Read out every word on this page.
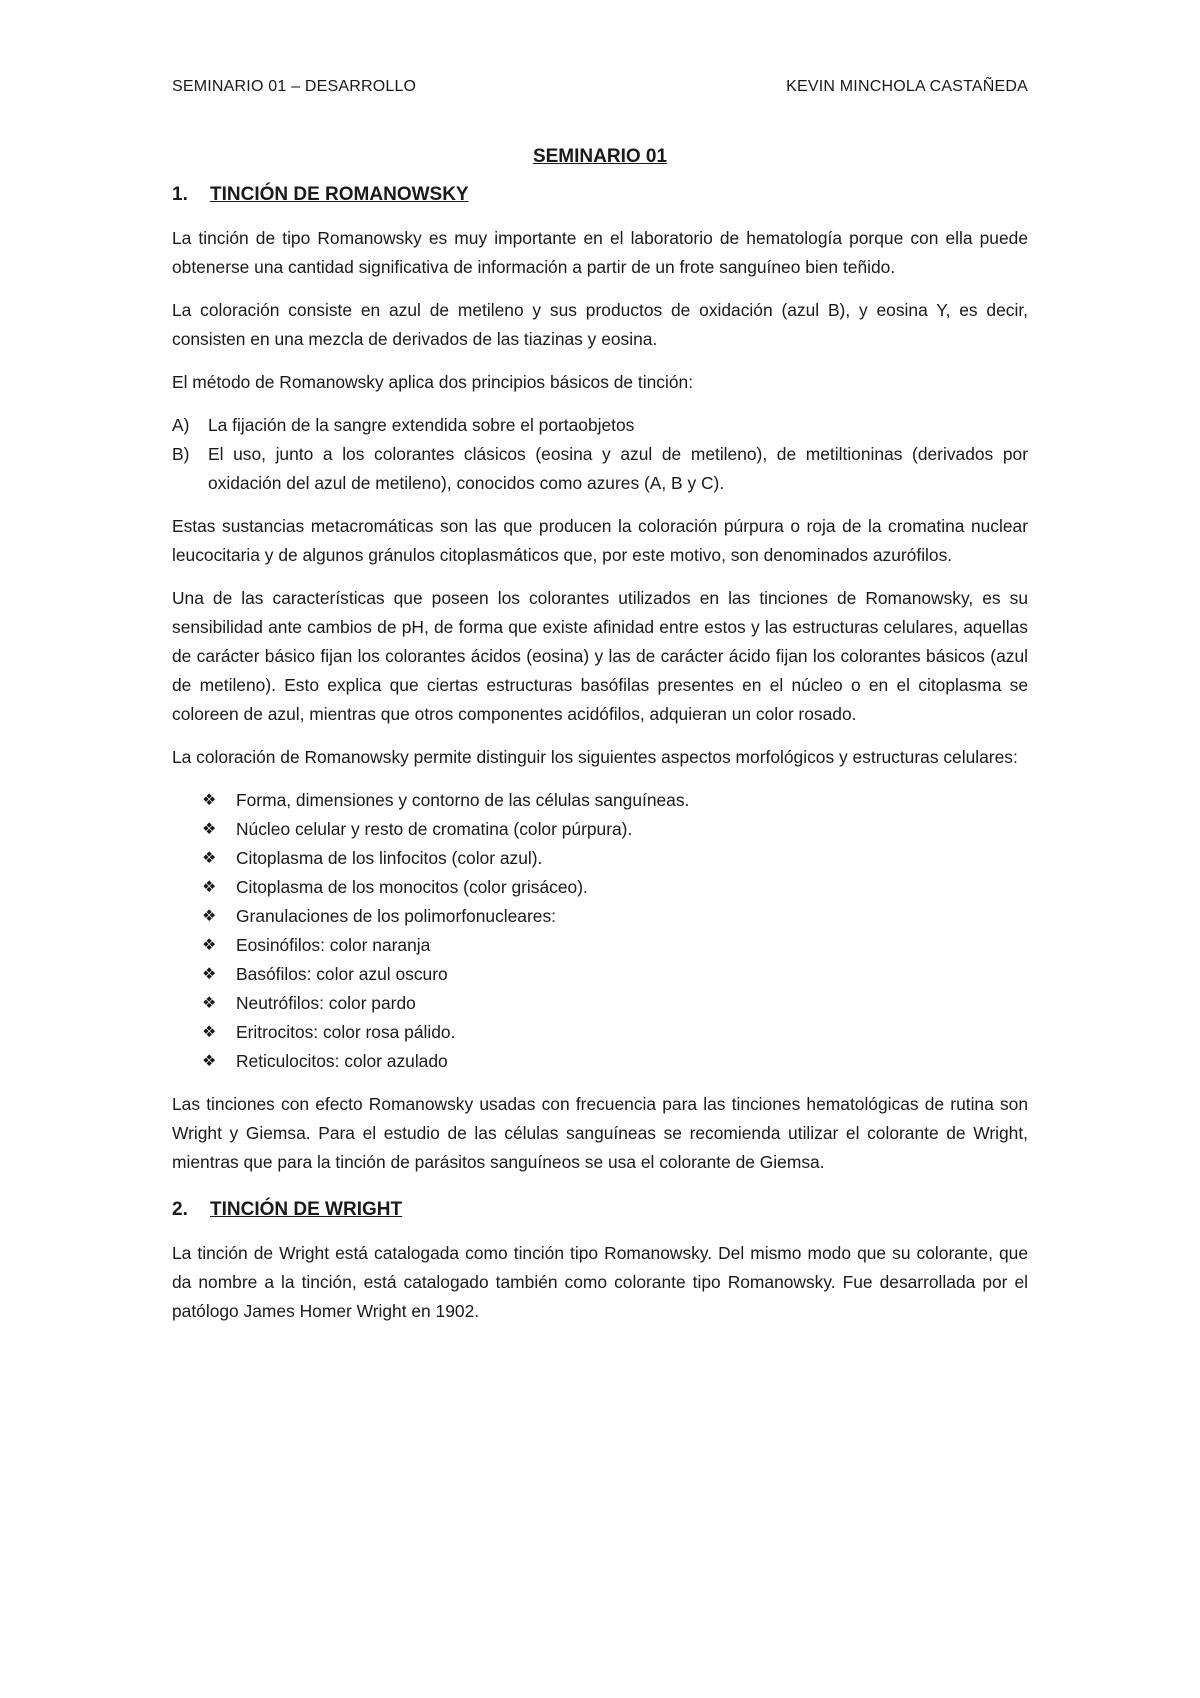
SEMINARIO 01 – DESARROLLO	KEVIN MINCHOLA CASTAÑEDA
SEMINARIO 01
1.	TINCIÓN DE ROMANOWSKY

La tinción de tipo Romanowsky es muy importante en el laboratorio de hematología porque con ella puede obtenerse una cantidad significativa de información a partir de un frote sanguíneo bien teñido.

La coloración consiste en azul de metileno y sus productos de oxidación (azul B), y eosina Y, es decir, consisten en una mezcla de derivados de las tiazinas y eosina.

El método de Romanowsky aplica dos principios básicos de tinción:

A)	La fijación de la sangre extendida sobre el portaobjetos
B)	El uso, junto a los colorantes clásicos (eosina y azul de metileno), de metiltioninas (derivados por oxidación del azul de metileno), conocidos como azures (A, B y C).

Estas sustancias metacromáticas son las que producen la coloración púrpura o roja de la cromatina nuclear leucocitaria y de algunos gránulos citoplasmáticos que, por este motivo, son denominados azurófilos.

Una de las características que poseen los colorantes utilizados en las tinciones de Romanowsky, es su sensibilidad ante cambios de pH, de forma que existe afinidad entre estos y las estructuras celulares, aquellas de carácter básico fijan los colorantes ácidos (eosina) y las de carácter ácido fijan los colorantes básicos (azul de metileno). Esto explica que ciertas estructuras basófilas presentes en el núcleo o en el citoplasma se coloreen de azul, mientras que otros componentes acidófilos, adquieran un color rosado.

La coloración de Romanowsky permite distinguir los siguientes aspectos morfológicos y estructuras celulares:

❖	Forma, dimensiones y contorno de las células sanguíneas.
❖	Núcleo celular y resto de cromatina (color púrpura).
❖	Citoplasma de los linfocitos (color azul).
❖	Citoplasma de los monocitos (color grisáceo).
❖	Granulaciones de los polimorfonucleares:
❖	Eosinófilos: color naranja
❖	Basófilos: color azul oscuro
❖	Neutrófilos: color pardo
❖	Eritrocitos: color rosa pálido.
❖	Reticulocitos: color azulado

Las tinciones con efecto Romanowsky usadas con frecuencia para las tinciones hematológicas de rutina son Wright y Giemsa. Para el estudio de las células sanguíneas se recomienda utilizar el colorante de Wright, mientras que para la tinción de parásitos sanguíneos se usa el colorante de Giemsa.

2.	TINCIÓN DE WRIGHT

La tinción de Wright está catalogada como tinción tipo Romanowsky. Del mismo modo que su colorante, que da nombre a la tinción, está catalogado también como colorante tipo Romanowsky. Fue desarrollada por el patólogo James Homer Wright en 1902.
